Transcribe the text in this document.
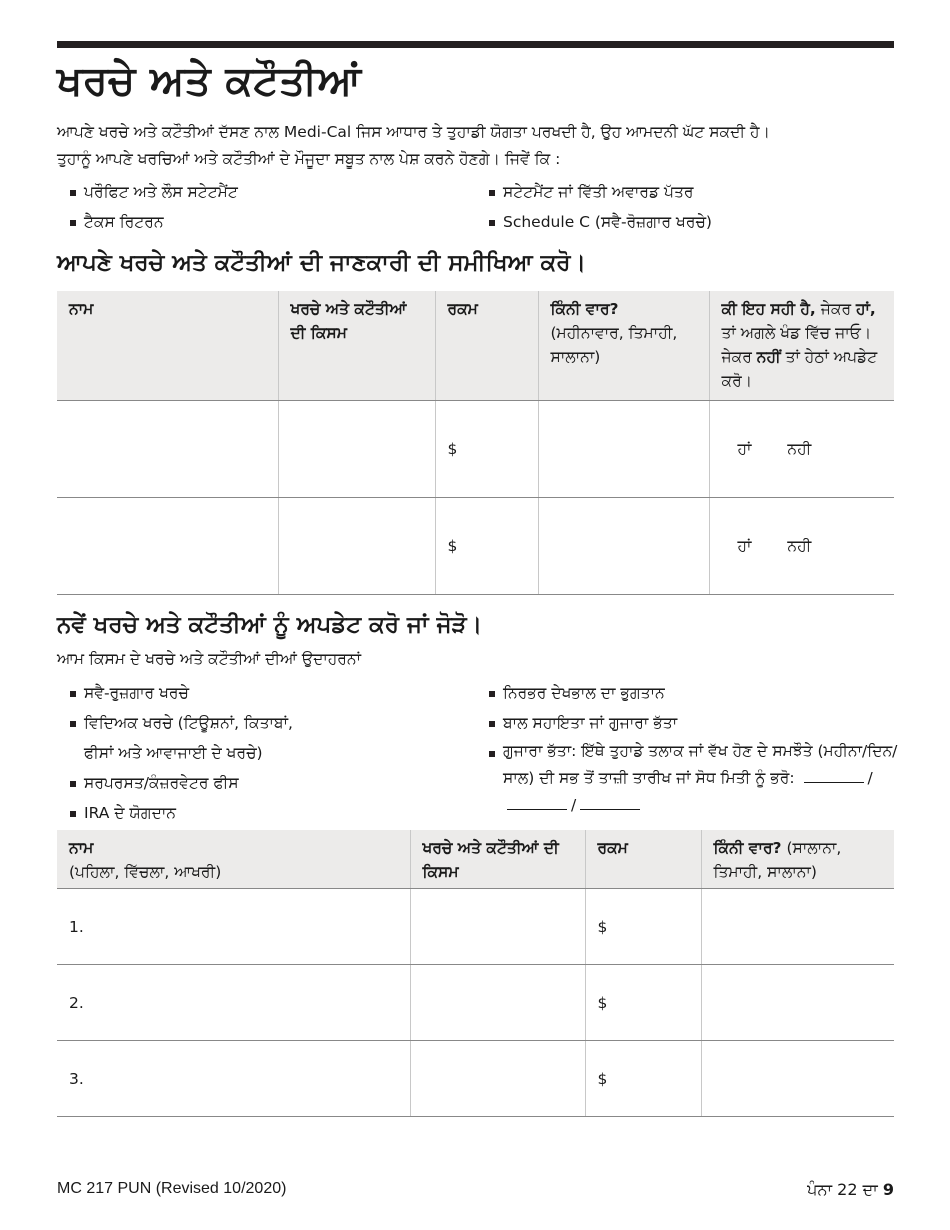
ਖਰਚੇ ਅਤੇ ਕਟੌਤੀਆਂ

ਆਪਣੇ ਖਰਚੇ ਅਤੇ ਕਟੌਤੀਆਂ ਦੱਸਣ ਨਾਲ Medi-Cal ਜਿਸ ਆਧਾਰ ਤੇ ਤੁਹਾਡੀ ਯੋਗਤਾ ਪਰਖਦੀ ਹੈ, ਉਹ ਆਮਦਨੀ ਘੱਟ ਸਕਦੀ ਹੈ।

ਤੁਹਾਨੂੰ ਆਪਣੇ ਖਰਚਿਆਂ ਅਤੇ ਕਟੌਤੀਆਂ ਦੇ ਮੌਜੂਦਾ ਸਬੂਤ ਨਾਲ ਪੇਸ਼ ਕਰਨੇ ਹੋਣਗੇ। ਜਿਵੇਂ ਕਿ :

ਪਰੌਫਿਟ ਅਤੇ ਲੌਸ ਸਟੇਟਮੈਂਟ
ਟੈਕਸ ਰਿਟਰਨ
ਸਟੇਟਮੈਂਟ ਜਾਂ ਵਿੱਤੀ ਅਵਾਰਡ ਪੱਤਰ
Schedule C (ਸਵੈ-ਰੋਜ਼ਗਾਰ ਖਰਚੇ)
ਆਪਣੇ ਖਰਚੇ ਅਤੇ ਕਟੌਤੀਆਂ ਦੀ ਜਾਣਕਾਰੀ ਦੀ ਸਮੀਖਿਆ ਕਰੋ।
ਨਾਮ	ਖਰਚੇ ਅਤੇ ਕਟੌਤੀਆਂ ਦੀ ਕਿਸਮ	ਰਕਮ	ਕਿੰਨੀ ਵਾਰ?
(ਮਹੀਨਾਵਾਰ, ਤਿਮਾਹੀ, ਸਾਲਾਨਾ)	ਕੀ ਇਹ ਸਹੀ ਹੈ, ਜੇਕਰ ਹਾਂ, ਤਾਂ ਅਗਲੇ ਖੰਡ ਵਿੱਚ ਜਾਓ। ਜੇਕਰ ਨਹੀਂ ਤਾਂ ਹੇਠਾਂ ਅਪਡੇਟ ਕਰੋ।
		$		ਹਾਂ ਨਹੀ
		$		ਹਾਂ ਨਹੀ
ਨਵੇਂ ਖਰਚੇ ਅਤੇ ਕਟੌਤੀਆਂ ਨੂੰ ਅਪਡੇਟ ਕਰੋ ਜਾਂ ਜੋੜੋ।
ਆਮ ਕਿਸਮ ਦੇ ਖਰਚੇ ਅਤੇ ਕਟੌਤੀਆਂ ਦੀਆਂ ਉਦਾਹਰਨਾਂ
ਸਵੈ-ਰੁਜ਼ਗਾਰ ਖਰਚੇ
ਵਿਦਿਅਕ ਖਰਚੇ (ਟਿਊਸ਼ਨਾਂ, ਕਿਤਾਬਾਂ,
ਫੀਸਾਂ ਅਤੇ ਆਵਾਜਾਈ ਦੇ ਖਰਚੇ)
ਸਰਪਰਸਤ/ਕੰਜ਼ਰਵੇਟਰ ਫੀਸ
IRA ਦੇ ਯੋਗਦਾਨ
ਨਿਰਭਰ ਦੇਖਭਾਲ ਦਾ ਭੁਗਤਾਨ
ਬਾਲ ਸਹਾਇਤਾ ਜਾਂ ਗੁਜਾਰਾ ਭੱਤਾ
ਗੁਜਾਰਾ ਭੱਤਾ: ਇੱਥੇ ਤੁਹਾਡੇ ਤਲਾਕ ਜਾਂ ਵੱਖ ਹੋਣ ਦੇ ਸਮਝੌਤੇ (ਮਹੀਨਾ/ਦਿਨ/ਸਾਲ) ਦੀ ਸਭ ਤੋਂ ਤਾਜ਼ੀ ਤਾਰੀਖ ਜਾਂ ਸੋਧ ਮਿਤੀ ਨੂੰ ਭਰੋ:	//
ਨਾਮ
(ਪਹਿਲਾ, ਵਿੱਚਲਾ, ਆਖਰੀ)	ਖਰਚੇ ਅਤੇ ਕਟੌਤੀਆਂ ਦੀ ਕਿਸਮ	ਰਕਮ	ਕਿੰਨੀ ਵਾਰ? (ਸਾਲਾਨਾ, ਤਿਮਾਹੀ, ਸਾਲਾਨਾ)
1.		$	
2.		$	
3.		$	
MC 217 PUN (Revised 10/2020)	ਪੰਨਾ 22 ਦਾ 9
